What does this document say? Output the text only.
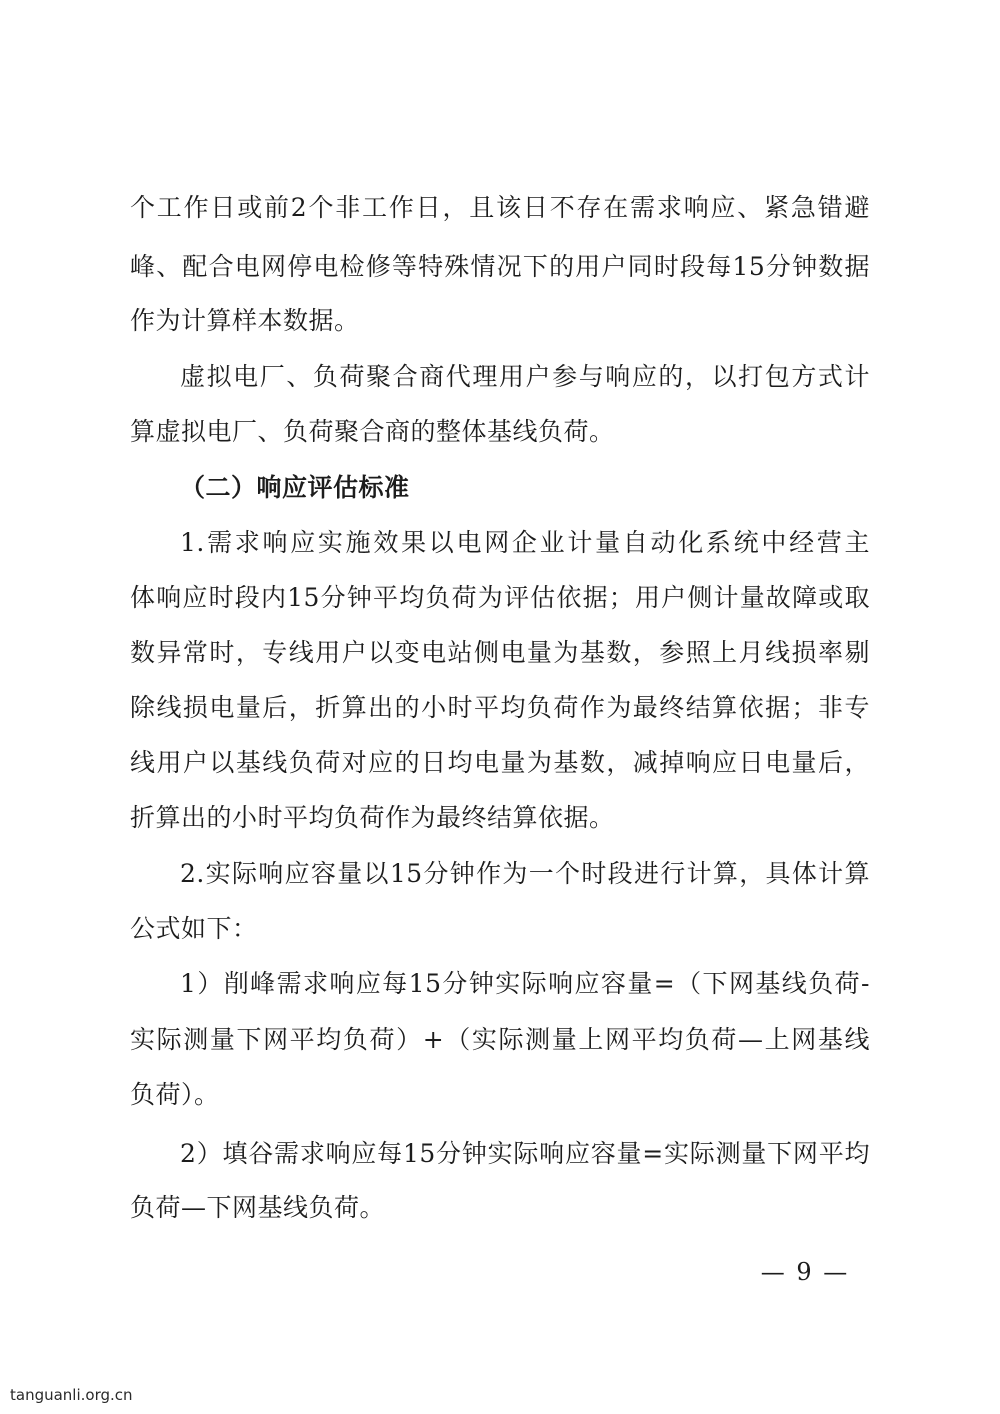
个工作日或前2个非工作日，且该日不存在需求响应、紧急错避
峰、配合电网停电检修等特殊情况下的用户同时段每15分钟数据
作为计算样本数据。
虚拟电厂、负荷聚合商代理用户参与响应的，以打包方式计
算虚拟电厂、负荷聚合商的整体基线负荷。
（二）响应评估标准
1.需求响应实施效果以电网企业计量自动化系统中经营主
体响应时段内15分钟平均负荷为评估依据；用户侧计量故障或取
数异常时，专线用户以变电站侧电量为基数，参照上月线损率剔
除线损电量后，折算出的小时平均负荷作为最终结算依据；非专
线用户以基线负荷对应的日均电量为基数，减掉响应日电量后，
折算出的小时平均负荷作为最终结算依据。
2.实际响应容量以15分钟作为一个时段进行计算，具体计算
公式如下：
1）削峰需求响应每15分钟实际响应容量=（下网基线负荷-
实际测量下网平均负荷）+（实际测量上网平均负荷—上网基线
负荷）。
2）填谷需求响应每15分钟实际响应容量=实际测量下网平均
负荷—下网基线负荷。
— 9 —
tanguanli.org.cn
